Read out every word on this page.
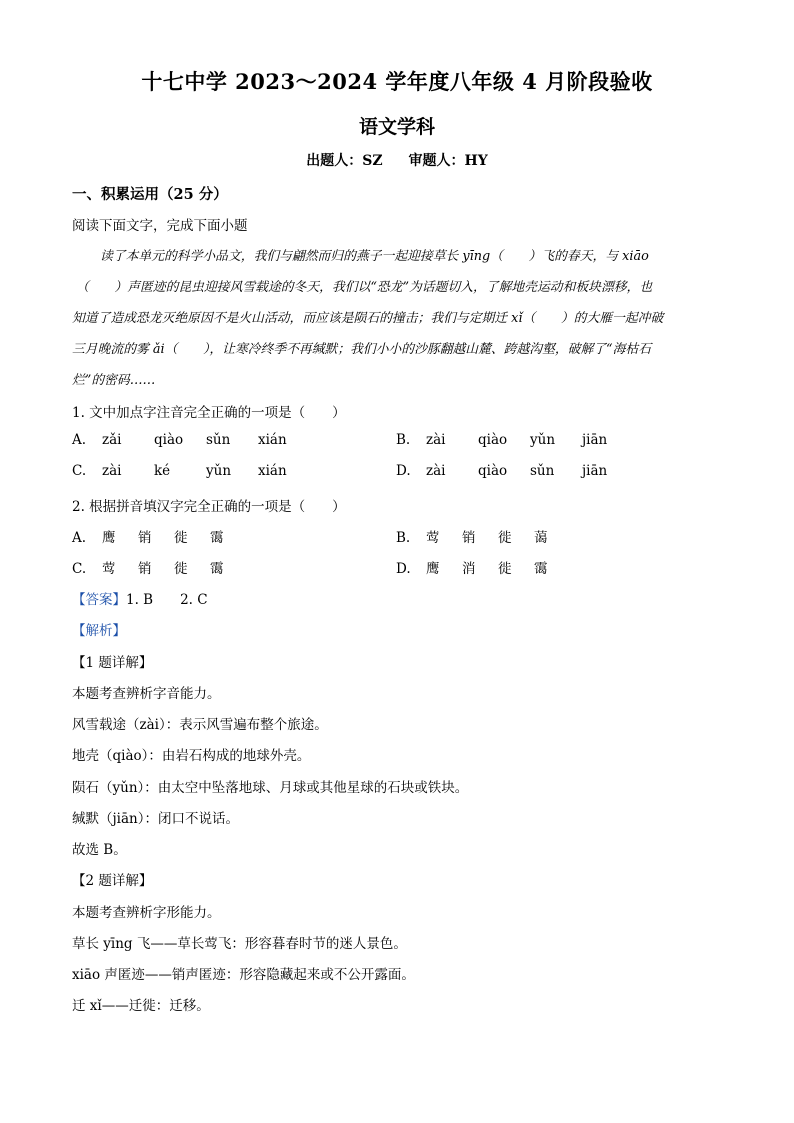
十七中学 2023～2024 学年度八年级 4 月阶段验收
语文学科
出题人：SZ 审题人：HY
一、积累运用（25 分）
阅读下面文字，完成下面小题
读了本单元的科学小品文，我们与翩然而归的燕子一起迎接草长 yīng（　　）飞的春天，与 xiāo
（　　）声匿迹的昆虫迎接风雪载途的冬天，我们以“恐龙”为话题切入，了解地壳运动和板块漂移，也
知道了造成恐龙灭绝原因不是火山活动，而应该是陨石的撞击；我们与定期迁 xǐ（　　）的大雁一起冲破
三月晚流的雾 ǎi（　　），让寒冷终季不再缄默；我们小小的沙豚翻越山麓、跨越沟壑，破解了“海枯石
烂”的密码……
1. 文中加点字注音完全正确的一项是（　　）
A. zǎi qiào sǔn xián	B. zài qiào yǔn jiān
C. zài ké	yǔn xián	D. zài qiào sǔn jiān
2. 根据拼音填汉字完全正确的一项是（　　）
A. 鹰 销 徙 霭	B. 莺 销 徙 蔼
C. 莺 销 徙 霭	D. 鹰 消 徙 霭
【答案】1. B　　2. C
【解析】
【1 题详解】
本题考查辨析字音能力。
风雪载途（zài）：表示风雪遍布整个旅途。
地壳（qiào）：由岩石构成的地球外壳。
陨石（yǔn）：由太空中坠落地球、月球或其他星球的石块或铁块。
缄默（jiān）：闭口不说话。
故选 B。
【2 题详解】
本题考查辨析字形能力。
草长 yīng 飞——草长莺飞：形容暮春时节的迷人景色。
xiāo 声匿迹——销声匿迹：形容隐藏起来或不公开露面。
迁 xǐ——迁徙：迁移。
